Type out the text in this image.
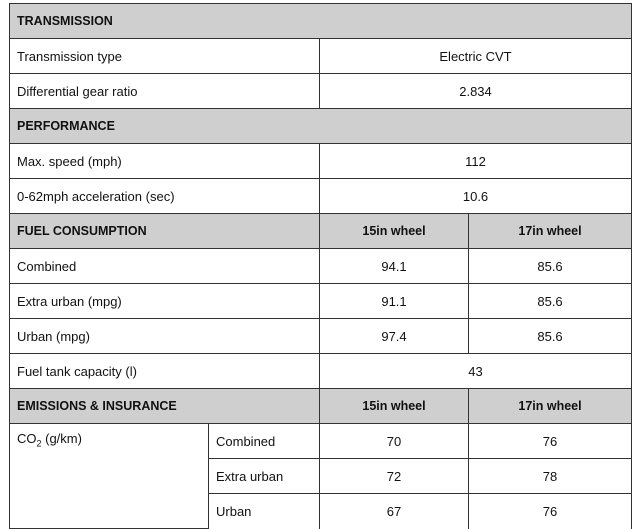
TRANSMISSION			
Transmission type		Electric CVT	
Differential gear ratio		2.834	
PERFORMANCE			
Max. speed (mph)		112	
0-62mph acceleration (sec)		10.6	
FUEL CONSUMPTION		15in wheel	17in wheel
Combined		94.1	85.6
Extra urban (mpg)		91.1	85.6
Urban (mpg)		97.4	85.6
Fuel tank capacity (l)		43	
EMISSIONS & INSURANCE		15in wheel	17in wheel
$CO_2$ (g/km)	Combined	70	76
	Extra urban	72	78
	Urban	67	76
